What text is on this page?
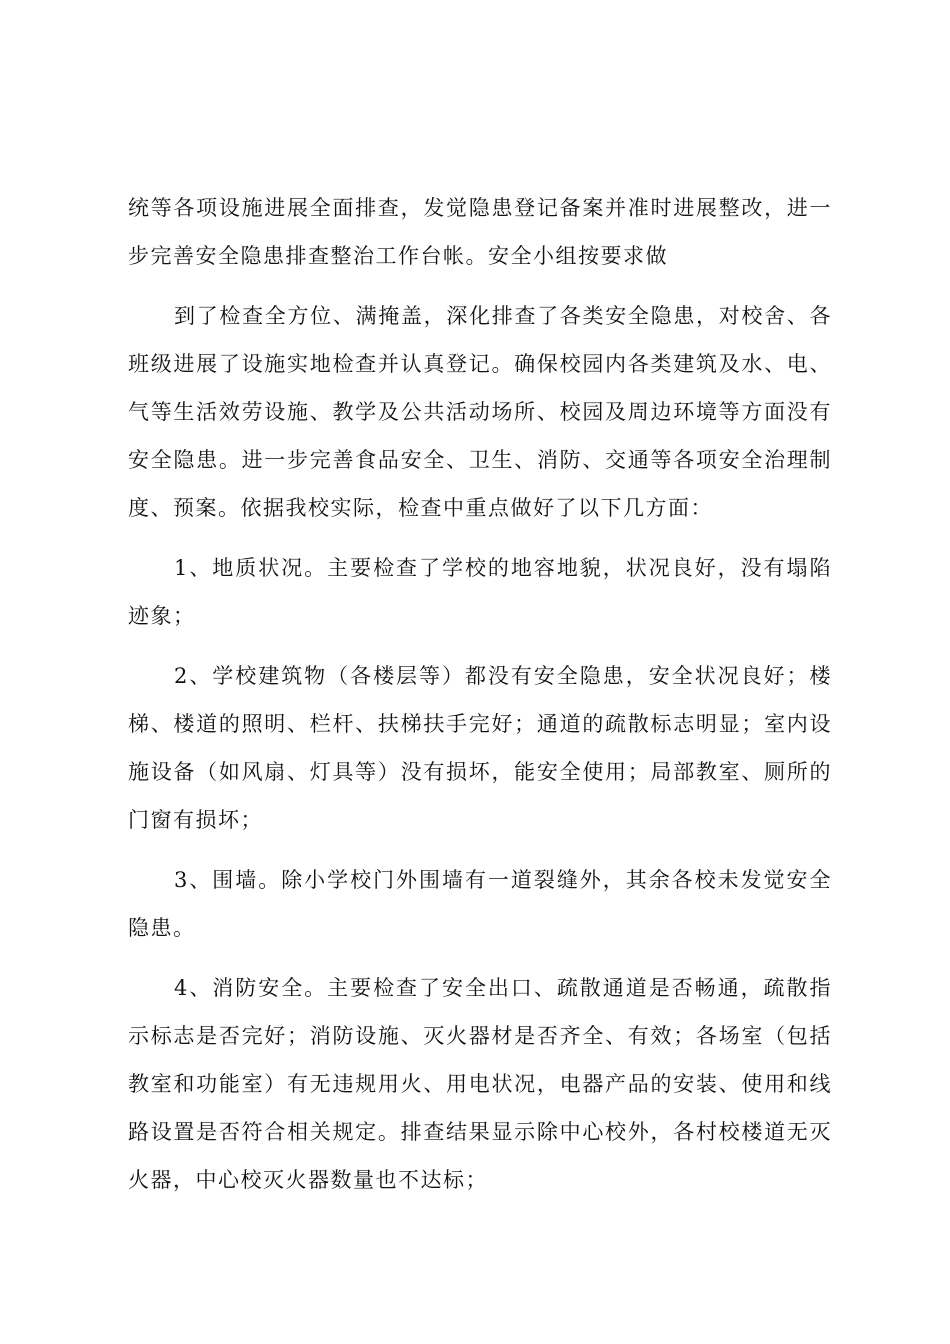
统等各项设施进展全面排查，发觉隐患登记备案并准时进展整改，进一步完善安全隐患排查整治工作台帐。安全小组按要求做

到了检查全方位、满掩盖，深化排查了各类安全隐患，对校舍、各班级进展了设施实地检查并认真登记。确保校园内各类建筑及水、电、气等生活效劳设施、教学及公共活动场所、校园及周边环境等方面没有安全隐患。进一步完善食品安全、卫生、消防、交通等各项安全治理制度、预案。依据我校实际，检查中重点做好了以下几方面：

1、地质状况。主要检查了学校的地容地貌，状况良好，没有塌陷迹象；

2、学校建筑物（各楼层等）都没有安全隐患，安全状况良好；楼梯、楼道的照明、栏杆、扶梯扶手完好；通道的疏散标志明显；室内设施设备（如风扇、灯具等）没有损坏，能安全使用；局部教室、厕所的门窗有损坏；

3、围墙。除小学校门外围墙有一道裂缝外，其余各校未发觉安全隐患。

4、消防安全。主要检查了安全出口、疏散通道是否畅通，疏散指示标志是否完好；消防设施、灭火器材是否齐全、有效；各场室（包括教室和功能室）有无违规用火、用电状况，电器产品的安装、使用和线路设置是否符合相关规定。排查结果显示除中心校外，各村校楼道无灭火器，中心校灭火器数量也不达标；
